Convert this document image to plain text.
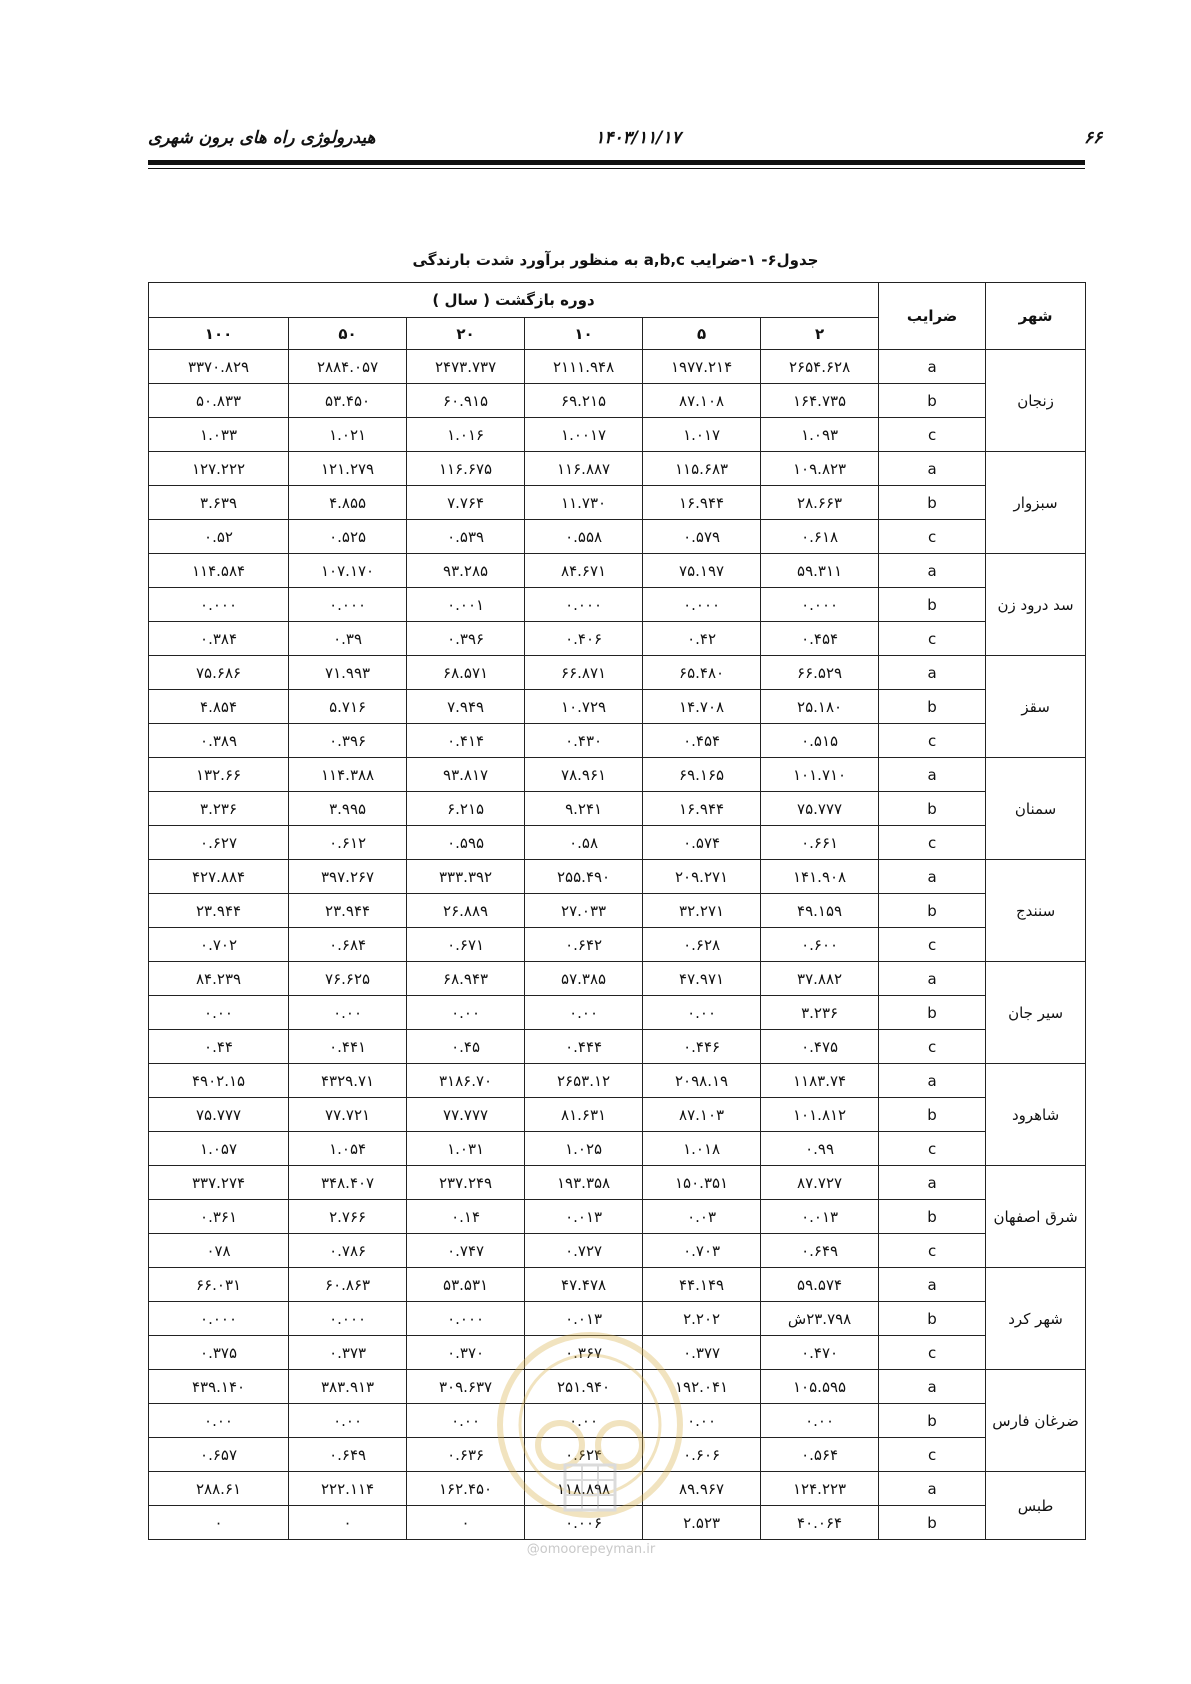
۶۶
۱۴۰۳/۱۱/۱۷
هیدرولوژی راه های برون شهری
جدول۶- ۱-ضرایب a,b,c به منظور برآورد شدت بارندگی
شهر	ضرایب	دوره بازگشت ( سال )					
		۲	۵	۱۰	۲۰	۵۰	۱۰۰
زنجان	a	۲۶۵۴.۶۲۸	۱۹۷۷.۲۱۴	۲۱۱۱.۹۴۸	۲۴۷۳.۷۳۷	۲۸۸۴.۰۵۷	۳۳۷۰.۸۲۹
	b	۱۶۴.۷۳۵	۸۷.۱۰۸	۶۹.۲۱۵	۶۰.۹۱۵	۵۳.۴۵۰	۵۰.۸۳۳
	c	۱.۰۹۳	۱.۰۱۷	۱.۰۰۱۷	۱.۰۱۶	۱.۰۲۱	۱.۰۳۳
سبزوار	a	۱۰۹.۸۲۳	۱۱۵.۶۸۳	۱۱۶.۸۸۷	۱۱۶.۶۷۵	۱۲۱.۲۷۹	۱۲۷.۲۲۲
	b	۲۸.۶۶۳	۱۶.۹۴۴	۱۱.۷۳۰	۷.۷۶۴	۴.۸۵۵	۳.۶۳۹
	c	۰.۶۱۸	۰.۵۷۹	۰.۵۵۸	۰.۵۳۹	۰.۵۲۵	۰.۵۲
سد درود زن	a	۵۹.۳۱۱	۷۵.۱۹۷	۸۴.۶۷۱	۹۳.۲۸۵	۱۰۷.۱۷۰	۱۱۴.۵۸۴
	b	۰.۰۰۰	۰.۰۰۰	۰.۰۰۰	۰.۰۰۱	۰.۰۰۰	۰.۰۰۰
	c	۰.۴۵۴	۰.۴۲	۰.۴۰۶	۰.۳۹۶	۰.۳۹	۰.۳۸۴
سقز	a	۶۶.۵۲۹	۶۵.۴۸۰	۶۶.۸۷۱	۶۸.۵۷۱	۷۱.۹۹۳	۷۵.۶۸۶
	b	۲۵.۱۸۰	۱۴.۷۰۸	۱۰.۷۲۹	۷.۹۴۹	۵.۷۱۶	۴.۸۵۴
	c	۰.۵۱۵	۰.۴۵۴	۰.۴۳۰	۰.۴۱۴	۰.۳۹۶	۰.۳۸۹
سمنان	a	۱۰۱.۷۱۰	۶۹.۱۶۵	۷۸.۹۶۱	۹۳.۸۱۷	۱۱۴.۳۸۸	۱۳۲.۶۶
	b	۷۵.۷۷۷	۱۶.۹۴۴	۹.۲۴۱	۶.۲۱۵	۳.۹۹۵	۳.۲۳۶
	c	۰.۶۶۱	۰.۵۷۴	۰.۵۸	۰.۵۹۵	۰.۶۱۲	۰.۶۲۷
سنندج	a	۱۴۱.۹۰۸	۲۰۹.۲۷۱	۲۵۵.۴۹۰	۳۳۳.۳۹۲	۳۹۷.۲۶۷	۴۲۷.۸۸۴
	b	۴۹.۱۵۹	۳۲.۲۷۱	۲۷.۰۳۳	۲۶.۸۸۹	۲۳.۹۴۴	۲۳.۹۴۴
	c	۰.۶۰۰	۰.۶۲۸	۰.۶۴۲	۰.۶۷۱	۰.۶۸۴	۰.۷۰۲
سیر جان	a	۳۷.۸۸۲	۴۷.۹۷۱	۵۷.۳۸۵	۶۸.۹۴۳	۷۶.۶۲۵	۸۴.۲۳۹
	b	۳.۲۳۶	۰.۰۰	۰.۰۰	۰.۰۰	۰.۰۰	۰.۰۰
	c	۰.۴۷۵	۰.۴۴۶	۰.۴۴۴	۰.۴۵	۰.۴۴۱	۰.۴۴
شاهرود	a	۱۱۸۳.۷۴	۲۰۹۸.۱۹	۲۶۵۳.۱۲	۳۱۸۶.۷۰	۴۳۲۹.۷۱	۴۹۰۲.۱۵
	b	۱۰۱.۸۱۲	۸۷.۱۰۳	۸۱.۶۳۱	۷۷.۷۷۷	۷۷.۷۲۱	۷۵.۷۷۷
	c	۰.۹۹	۱.۰۱۸	۱.۰۲۵	۱.۰۳۱	۱.۰۵۴	۱.۰۵۷
شرق اصفهان	a	۸۷.۷۲۷	۱۵۰.۳۵۱	۱۹۳.۳۵۸	۲۳۷.۲۴۹	۳۴۸.۴۰۷	۳۳۷.۲۷۴
	b	۰.۰۱۳	۰.۰۳	۰.۰۱۳	۰.۱۴	۲.۷۶۶	۰.۳۶۱
	c	۰.۶۴۹	۰.۷۰۳	۰.۷۲۷	۰.۷۴۷	۰.۷۸۶	۰۷۸
شهر کرد	a	۵۹.۵۷۴	۴۴.۱۴۹	۴۷.۴۷۸	۵۳.۵۳۱	۶۰.۸۶۳	۶۶.۰۳۱
	b	۲۳.۷۹۸ش	۲.۲۰۲	۰.۰۱۳	۰.۰۰۰	۰.۰۰۰	۰.۰۰۰
	c	۰.۴۷۰	۰.۳۷۷	۰.۳۶۷	۰.۳۷۰	۰.۳۷۳	۰.۳۷۵
ضرغان فارس	a	۱۰۵.۵۹۵	۱۹۲.۰۴۱	۲۵۱.۹۴۰	۳۰۹.۶۳۷	۳۸۳.۹۱۳	۴۳۹.۱۴۰
	b	۰.۰۰	۰.۰۰	۰.۰۰	۰.۰۰	۰.۰۰	۰.۰۰
	c	۰.۵۶۴	۰.۶۰۶	۰.۶۲۴	۰.۶۳۶	۰.۶۴۹	۰.۶۵۷
طبس	a	۱۲۴.۲۲۳	۸۹.۹۶۷	۱۱۸.۸۹۸	۱۶۲.۴۵۰	۲۲۲.۱۱۴	۲۸۸.۶۱
	b	۴۰.۰۶۴	۲.۵۲۳	۰.۰۰۶	۰	۰	۰
@omoorepeyman.ir
